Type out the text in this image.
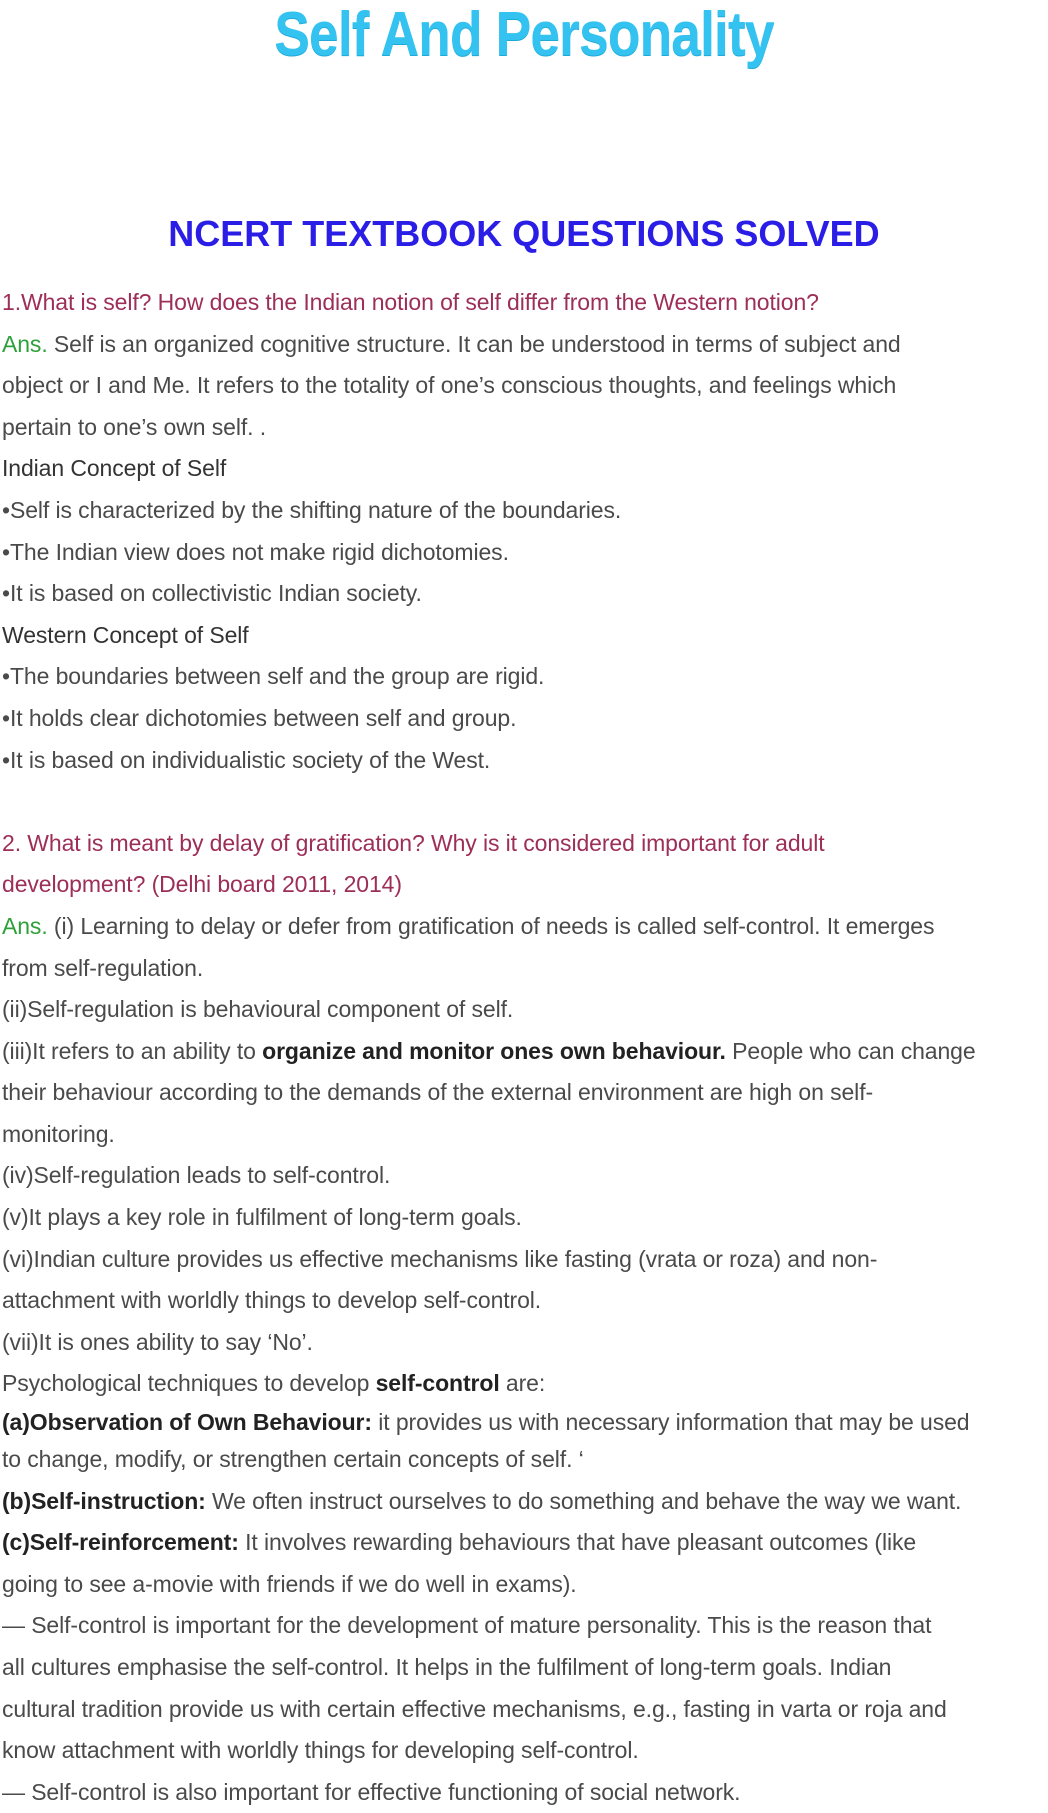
Self And Personality
NCERT TEXTBOOK QUESTIONS SOLVED
1.What is self? How does the Indian notion of self differ from the Western notion?
Ans. Self is an organized cognitive structure. It can be understood in terms of subject and
object or I and Me. It refers to the totality of one’s conscious thoughts, and feelings which
pertain to one’s own self. .
Indian Concept of Self
•Self is characterized by the shifting nature of the boundaries.
•The Indian view does not make rigid dichotomies.
•It is based on collectivistic Indian society.
Western Concept of Self
•The boundaries between self and the group are rigid.
•It holds clear dichotomies between self and group.
•It is based on individualistic society of the West.
2. What is meant by delay of gratification? Why is it considered important for adult
development? (Delhi board 2011, 2014)
Ans. (i) Learning to delay or defer from gratification of needs is called self-control. It emerges
from self-regulation.
(ii)Self-regulation is behavioural component of self.
(iii)It refers to an ability to organize and monitor ones own behaviour. People who can change
their behaviour according to the demands of the external environment are high on self-
monitoring.
(iv)Self-regulation leads to self-control.
(v)It plays a key role in fulfilment of long-term goals.
(vi)Indian culture provides us effective mechanisms like fasting (vrata or roza) and non-
attachment with worldly things to develop self-control.
(vii)It is ones ability to say ‘No’.
Psychological techniques to develop self-control are:
(a)Observation of Own Behaviour: it provides us with necessary information that may be used
to change, modify, or strengthen certain concepts of self. ‘
(b)Self-instruction: We often instruct ourselves to do something and behave the way we want.
(c)Self-reinforcement: It involves rewarding behaviours that have pleasant outcomes (like
going to see a-movie with friends if we do well in exams).
— Self-control is important for the development of mature personality. This is the reason that
all cultures emphasise the self-control. It helps in the fulfilment of long-term goals. Indian
cultural tradition provide us with certain effective mechanisms, e.g., fasting in varta or roja and
know attachment with worldly things for developing self-control.
— Self-control is also important for effective functioning of social network.
